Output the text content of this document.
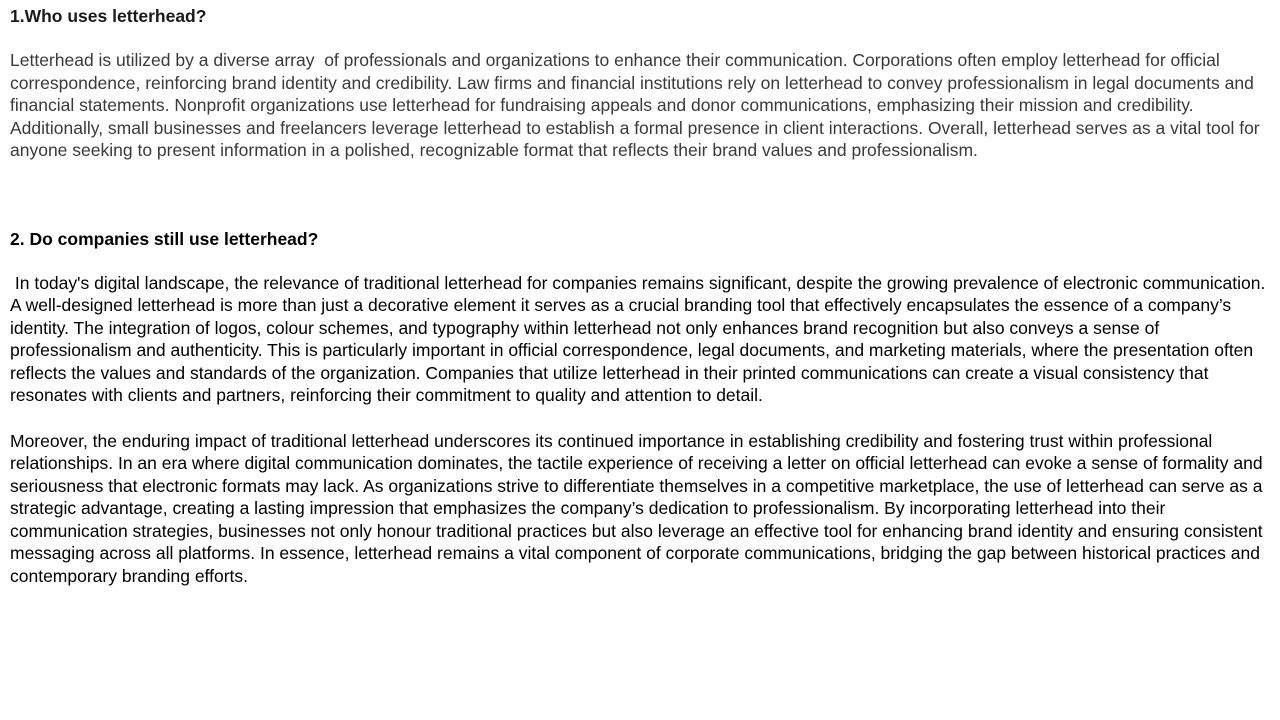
1.Who uses letterhead?

Letterhead is utilized by a diverse array  of professionals and organizations to enhance their communication. Corporations often employ letterhead for official correspondence, reinforcing brand identity and credibility. Law firms and financial institutions rely on letterhead to convey professionalism in legal documents and financial statements. Nonprofit organizations use letterhead for fundraising appeals and donor communications, emphasizing their mission and credibility. Additionally, small businesses and freelancers leverage letterhead to establish a formal presence in client interactions. Overall, letterhead serves as a vital tool for anyone seeking to present information in a polished, recognizable format that reflects their brand values and professionalism.

2. Do companies still use letterhead?

In today's digital landscape, the relevance of traditional letterhead for companies remains significant, despite the growing prevalence of electronic communication. A well-designed letterhead is more than just a decorative element it serves as a crucial branding tool that effectively encapsulates the essence of a company’s identity. The integration of logos, colour schemes, and typography within letterhead not only enhances brand recognition but also conveys a sense of professionalism and authenticity. This is particularly important in official correspondence, legal documents, and marketing materials, where the presentation often reflects the values and standards of the organization. Companies that utilize letterhead in their printed communications can create a visual consistency that resonates with clients and partners, reinforcing their commitment to quality and attention to detail.

Moreover, the enduring impact of traditional letterhead underscores its continued importance in establishing credibility and fostering trust within professional relationships. In an era where digital communication dominates, the tactile experience of receiving a letter on official letterhead can evoke a sense of formality and seriousness that electronic formats may lack. As organizations strive to differentiate themselves in a competitive marketplace, the use of letterhead can serve as a strategic advantage, creating a lasting impression that emphasizes the company’s dedication to professionalism. By incorporating letterhead into their communication strategies, businesses not only honour traditional practices but also leverage an effective tool for enhancing brand identity and ensuring consistent messaging across all platforms. In essence, letterhead remains a vital component of corporate communications, bridging the gap between historical practices and contemporary branding efforts.
